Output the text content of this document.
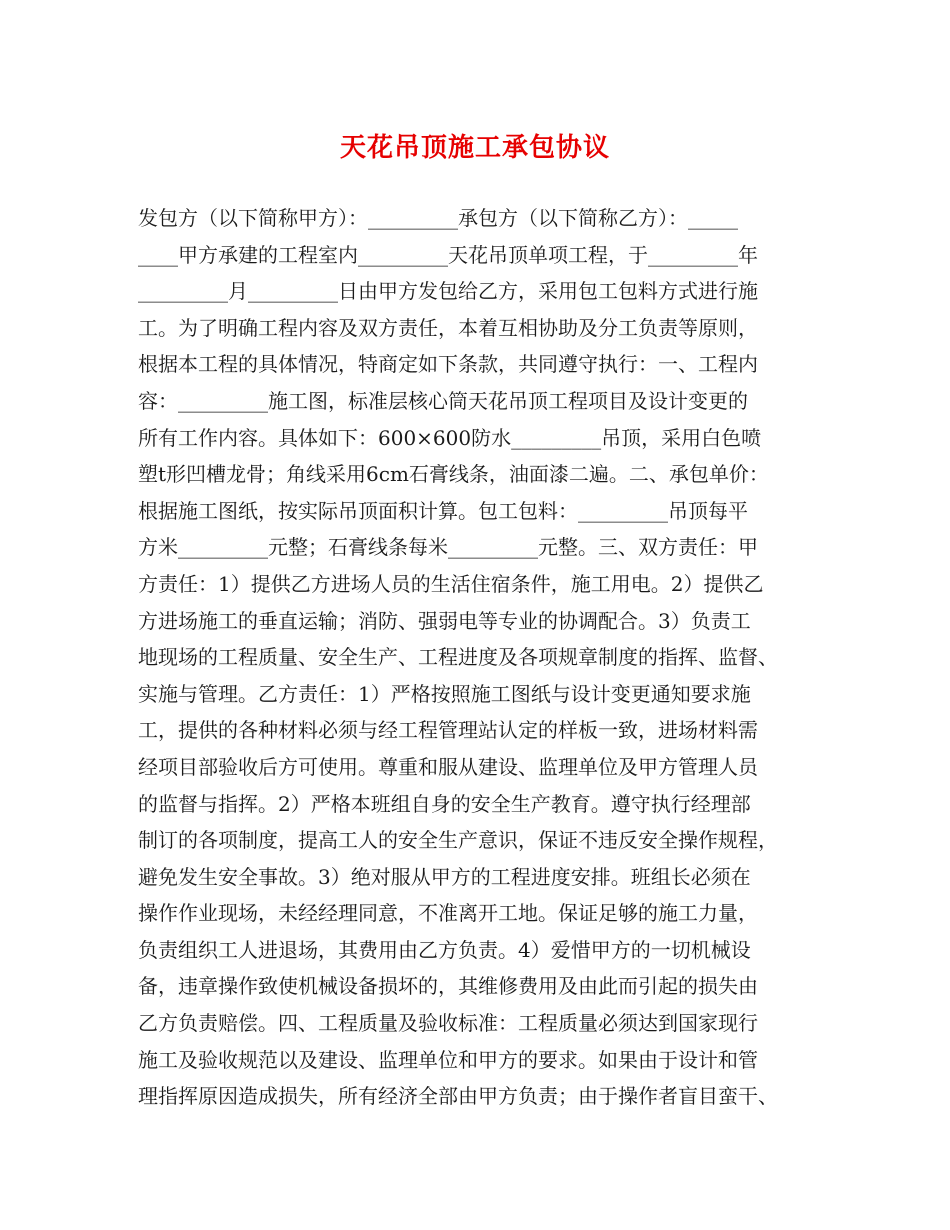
天花吊顶施工承包协议
发包方（以下简称甲方）：_________承包方（以下简称乙方）：_____
____甲方承建的工程室内_________天花吊顶单项工程，于_________年
_________月_________日由甲方发包给乙方，采用包工包料方式进行施
工。为了明确工程内容及双方责任，本着互相协助及分工负责等原则，
根据本工程的具体情况，特商定如下条款，共同遵守执行：一、工程内
容：_________施工图，标准层核心筒天花吊顶工程项目及设计变更的
所有工作内容。具体如下：600×600防水_________吊顶，采用白色喷
塑t形凹槽龙骨；角线采用6cm石膏线条，油面漆二遍。二、承包单价：
根据施工图纸，按实际吊顶面积计算。包工包料：_________吊顶每平
方米_________元整；石膏线条每米_________元整。三、双方责任：甲
方责任：1）提供乙方进场人员的生活住宿条件，施工用电。2）提供乙
方进场施工的垂直运输；消防、强弱电等专业的协调配合。3）负责工
地现场的工程质量、安全生产、工程进度及各项规章制度的指挥、监督、
实施与管理。乙方责任：1）严格按照施工图纸与设计变更通知要求施
工，提供的各种材料必须与经工程管理站认定的样板一致，进场材料需
经项目部验收后方可使用。尊重和服从建设、监理单位及甲方管理人员
的监督与指挥。2）严格本班组自身的安全生产教育。遵守执行经理部
制订的各项制度，提高工人的安全生产意识，保证不违反安全操作规程，
避免发生安全事故。3）绝对服从甲方的工程进度安排。班组长必须在
操作作业现场，未经经理同意，不准离开工地。保证足够的施工力量，
负责组织工人进退场，其费用由乙方负责。4）爱惜甲方的一切机械设
备，违章操作致使机械设备损坏的，其维修费用及由此而引起的损失由
乙方负责赔偿。四、工程质量及验收标准：工程质量必须达到国家现行
施工及验收规范以及建设、监理单位和甲方的要求。如果由于设计和管
理指挥原因造成损失，所有经济全部由甲方负责；由于操作者盲目蛮干、
